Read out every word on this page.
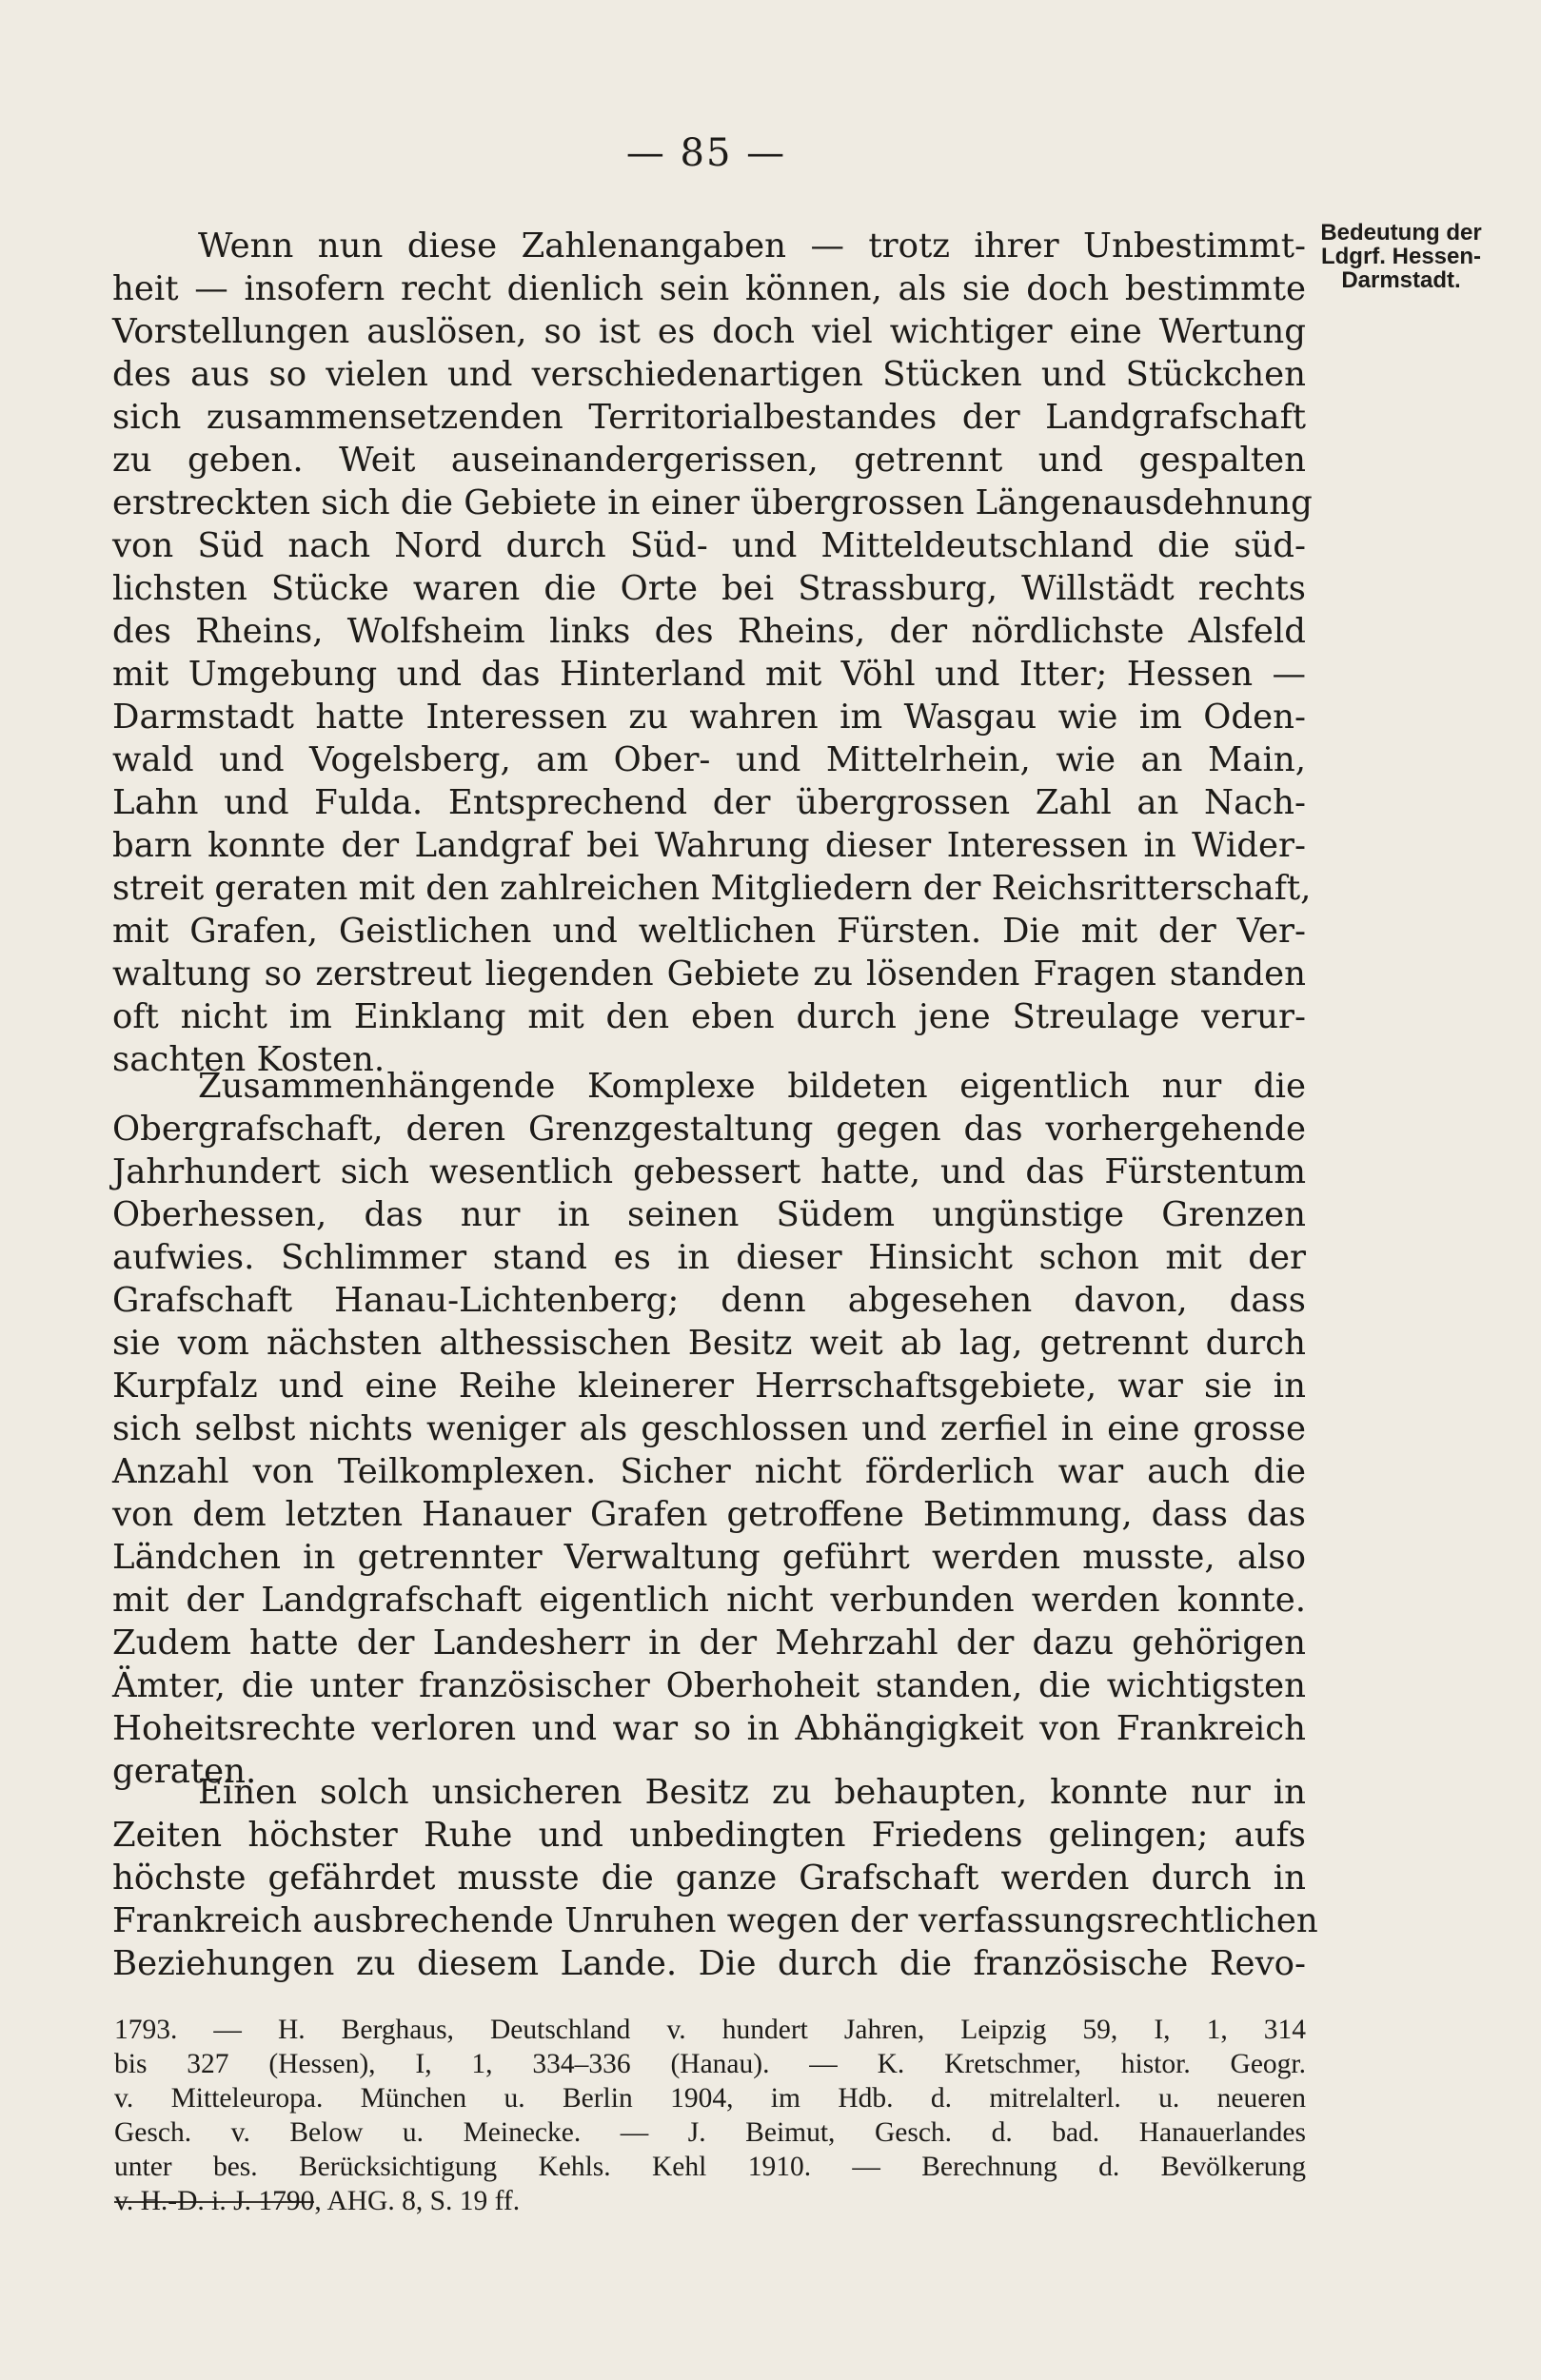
— 85 —
Bedeutung der
Ldgrf. Hessen-
Darmstadt.
Wenn nun diese Zahlenangaben — trotz ihrer Unbestimmt-
heit — insofern recht dienlich sein können, als sie doch bestimmte
Vorstellungen auslösen, so ist es doch viel wichtiger eine Wertung
des aus so vielen und verschiedenartigen Stücken und Stückchen
sich zusammensetzenden Territorialbestandes der Landgrafschaft
zu geben. Weit auseinandergerissen, getrennt und gespalten
erstreckten sich die Gebiete in einer übergrossen Längenausdehnung
von Süd nach Nord durch Süd- und Mitteldeutschland die süd-
lichsten Stücke waren die Orte bei Strassburg, Willstädt rechts
des Rheins, Wolfsheim links des Rheins, der nördlichste Alsfeld
mit Umgebung und das Hinterland mit Vöhl und Itter; Hessen —
Darmstadt hatte Interessen zu wahren im Wasgau wie im Oden-
wald und Vogelsberg, am Ober- und Mittelrhein, wie an Main,
Lahn und Fulda. Entsprechend der übergrossen Zahl an Nach-
barn konnte der Landgraf bei Wahrung dieser Interessen in Wider-
streit geraten mit den zahlreichen Mitgliedern der Reichsritterschaft,
mit Grafen, Geistlichen und weltlichen Fürsten. Die mit der Ver-
waltung so zerstreut liegenden Gebiete zu lösenden Fragen standen
oft nicht im Einklang mit den eben durch jene Streulage verur-
sachten Kosten.
Zusammenhängende Komplexe bildeten eigentlich nur die
Obergrafschaft, deren Grenzgestaltung gegen das vorhergehende
Jahrhundert sich wesentlich gebessert hatte, und das Fürstentum
Oberhessen, das nur in seinen Südem ungünstige Grenzen
aufwies. Schlimmer stand es in dieser Hinsicht schon mit der
Grafschaft Hanau-Lichtenberg; denn abgesehen davon, dass
sie vom nächsten althessischen Besitz weit ab lag, getrennt durch
Kurpfalz und eine Reihe kleinerer Herrschaftsgebiete, war sie in
sich selbst nichts weniger als geschlossen und zerfiel in eine grosse
Anzahl von Teilkomplexen. Sicher nicht förderlich war auch die
von dem letzten Hanauer Grafen getroffene Betimmung, dass das
Ländchen in getrennter Verwaltung geführt werden musste, also
mit der Landgrafschaft eigentlich nicht verbunden werden konnte.
Zudem hatte der Landesherr in der Mehrzahl der dazu gehörigen
Ämter, die unter französischer Oberhoheit standen, die wichtigsten
Hoheitsrechte verloren und war so in Abhängigkeit von Frankreich
geraten.
Einen solch unsicheren Besitz zu behaupten, konnte nur in
Zeiten höchster Ruhe und unbedingten Friedens gelingen; aufs
höchste gefährdet musste die ganze Grafschaft werden durch in
Frankreich ausbrechende Unruhen wegen der verfassungsrechtlichen
Beziehungen zu diesem Lande. Die durch die französische Revo-
1793. — H. Berghaus, Deutschland v. hundert Jahren, Leipzig 59, I, 1, 314
bis 327 (Hessen), I, 1, 334–336 (Hanau). — K. Kretschmer, histor. Geogr.
v. Mitteleuropa. München u. Berlin 1904, im Hdb. d. mitrelalterl. u. neueren
Gesch. v. Below u. Meinecke. — J. Beimut, Gesch. d. bad. Hanauerlandes
unter bes. Berücksichtigung Kehls. Kehl 1910. — Berechnung d. Bevölkerung
v. H.-D. i. J. 1790, AHG. 8, S. 19 ff.
